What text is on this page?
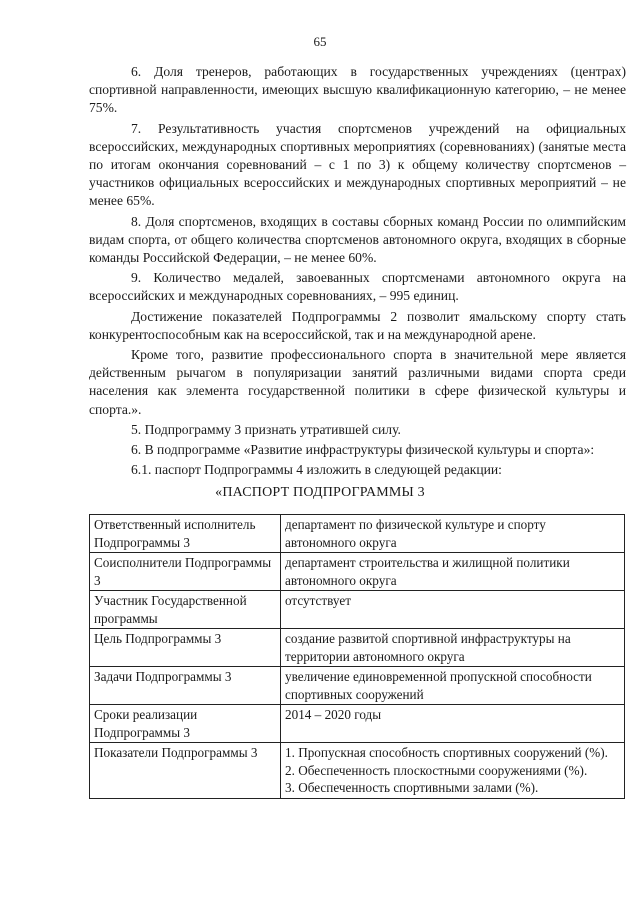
65

6. Доля тренеров, работающих в государственных учреждениях (центрах) спортивной направленности, имеющих высшую квалификационную категорию, – не менее 75%.

7. Результативность участия спортсменов учреждений на официальных всероссийских, международных спортивных мероприятиях (соревнованиях) (занятые места по итогам окончания соревнований – с 1 по 3) к общему количеству спортсменов – участников официальных всероссийских и международных спортивных мероприятий – не менее 65%.

8. Доля спортсменов, входящих в составы сборных команд России по олимпийским видам спорта, от общего количества спортсменов автономного округа, входящих в сборные команды Российской Федерации, – не менее 60%.

9. Количество медалей, завоеванных спортсменами автономного округа на всероссийских и международных соревнованиях, – 995 единиц.

Достижение показателей Подпрограммы 2 позволит ямальскому спорту стать конкурентоспособным как на всероссийской, так и на международной арене.

Кроме того, развитие профессионального спорта в значительной мере является действенным рычагом в популяризации занятий различными видами спорта среди населения как элемента государственной политики в сфере физической культуры и спорта.».

5. Подпрограмму 3 признать утратившей силу.

6. В подпрограмме «Развитие инфраструктуры физической культуры и спорта»:

6.1. паспорт Подпрограммы 4 изложить в следующей редакции:

«ПАСПОРТ ПОДПРОГРАММЫ 3
Ответственный исполнитель Подпрограммы 3	департамент по физической культуре и спорту автономного округа
Соисполнители Подпрограммы 3	департамент строительства и жилищной политики автономного округа
Участник Государственной программы	отсутствует
Цель Подпрограммы 3	создание развитой спортивной инфраструктуры на территории автономного округа
Задачи Подпрограммы 3	увеличение единовременной пропускной способности спортивных сооружений
Сроки реализации Подпрограммы 3	2014 – 2020 годы
Показатели Подпрограммы 3	1. Пропускная способность спортивных сооружений (%).
2. Обеспеченность плоскостными сооружениями (%).
3. Обеспеченность спортивными залами (%).
